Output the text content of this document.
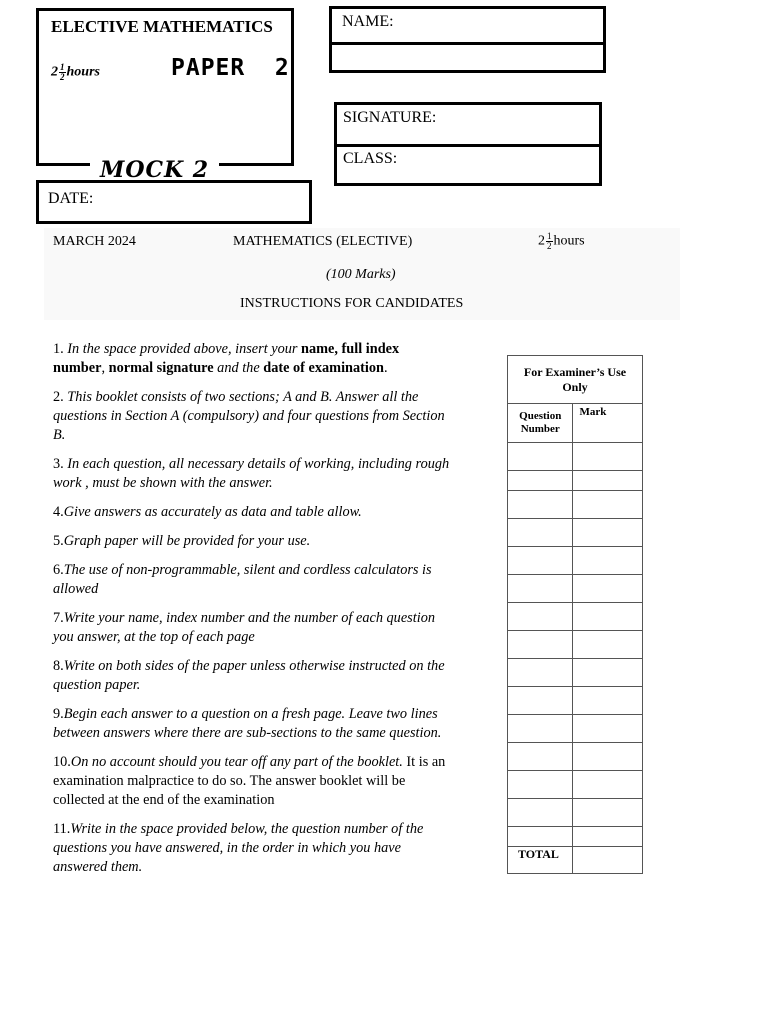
ELECTIVE MATHEMATICS
$2 \frac{1}{2}$ hours	PAPER  2
MOCK 2
DATE:
NAME:
SIGNATURE:
CLASS:
MARCH 2024	MATHEMATICS (ELECTIVE)	$2 \frac{1}{2}$ hours
(100 Marks)
INSTRUCTIONS FOR CANDIDATES

1. In the space provided above, insert your name, full index number, normal signature and the date of examination.

2. This booklet consists of two sections; A and B. Answer all the questions in Section A (compulsory) and four questions from Section B.

3. In each question, all necessary details of working, including rough work , must be shown with the answer.

4.Give answers as accurately as data and table allow.

5.Graph paper will be provided for your use.

6.The use of non-programmable, silent and cordless calculators is allowed

7.Write your name, index number and the number of each question you answer, at the top of each page

8.Write on both sides of the paper unless otherwise instructed on the question paper.

9.Begin each answer to a question on a fresh page. Leave two lines between answers where there are sub-sections to the same question.

10.On no account should you tear off any part of the booklet. It is an examination malpractice to do so. The answer booklet will be collected at the end of the examination

11.Write in the space provided below, the question number of the questions you have answered, in the order in which you have answered them.

For Examiner’s Use Only	
Question Number	Mark

TOTAL	
